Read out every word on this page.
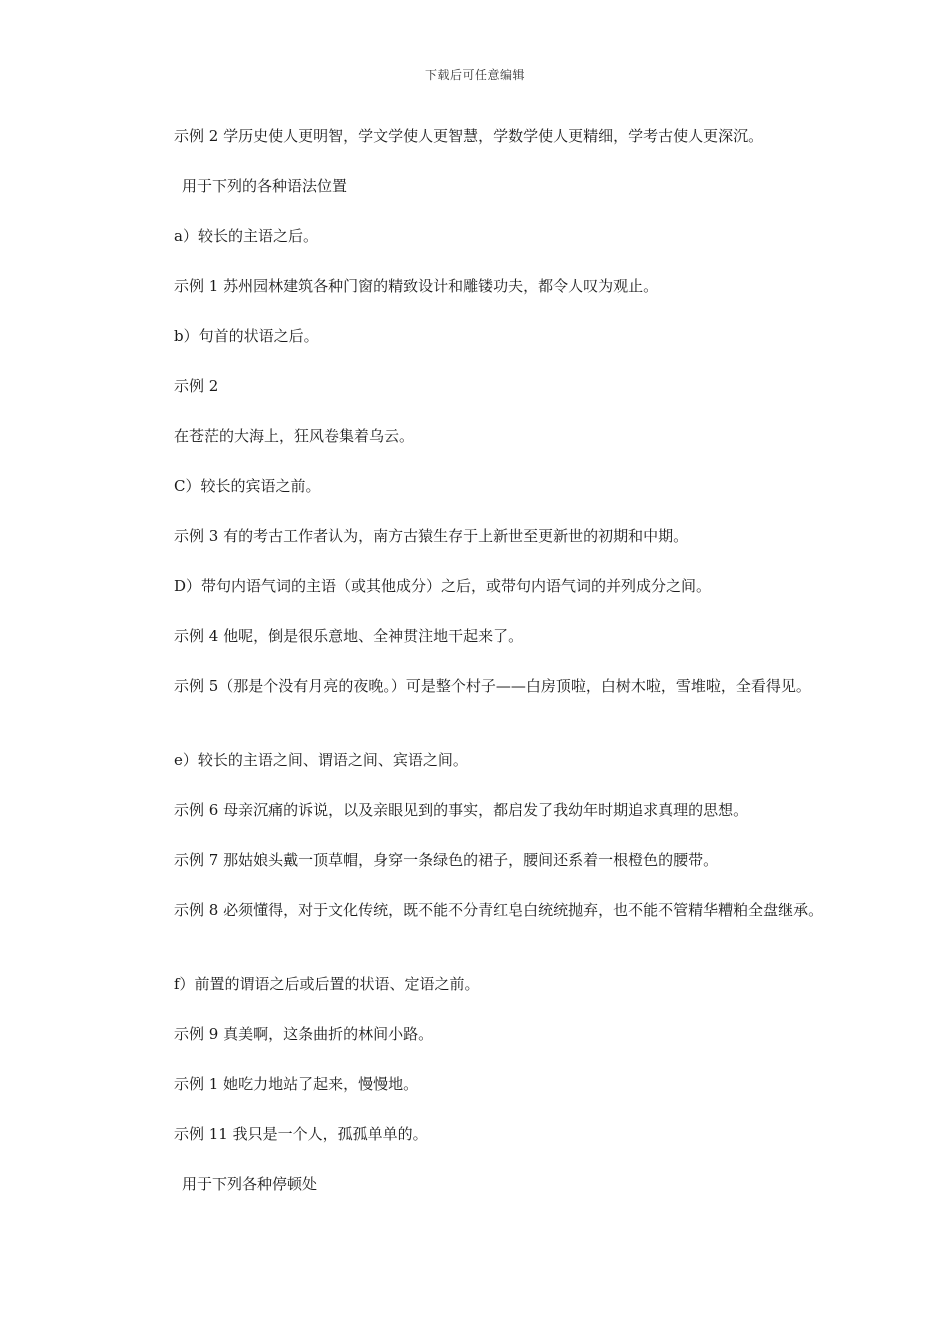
下载后可任意编辑

示例 2 学历史使人更明智，学文学使人更智慧，学数学使人更精细，学考古使人更深沉。

用于下列的各种语法位置

a）较长的主语之后。

示例 1 苏州园林建筑各种门窗的精致设计和雕镂功夫，都令人叹为观止。

b）句首的状语之后。

示例 2

在苍茫的大海上，狂风卷集着乌云。

C）较长的宾语之前。

示例 3 有的考古工作者认为，南方古猿生存于上新世至更新世的初期和中期。

D）带句内语气词的主语（或其他成分）之后，或带句内语气词的并列成分之间。

示例 4 他呢，倒是很乐意地、全神贯注地干起来了。

示例 5（那是个没有月亮的夜晚。）可是整个村子——白房顶啦，白树木啦，雪堆啦，全看得见。

e）较长的主语之间、谓语之间、宾语之间。

示例 6 母亲沉痛的诉说，以及亲眼见到的事实，都启发了我幼年时期追求真理的思想。

示例 7 那姑娘头戴一顶草帽，身穿一条绿色的裙子，腰间还系着一根橙色的腰带。

示例 8 必须懂得，对于文化传统，既不能不分青红皂白统统抛弃，也不能不管精华糟粕全盘继承。

f）前置的谓语之后或后置的状语、定语之前。

示例 9 真美啊，这条曲折的林间小路。

示例 1 她吃力地站了起来，慢慢地。

示例 11 我只是一个人，孤孤单单的。

用于下列各种停顿处
